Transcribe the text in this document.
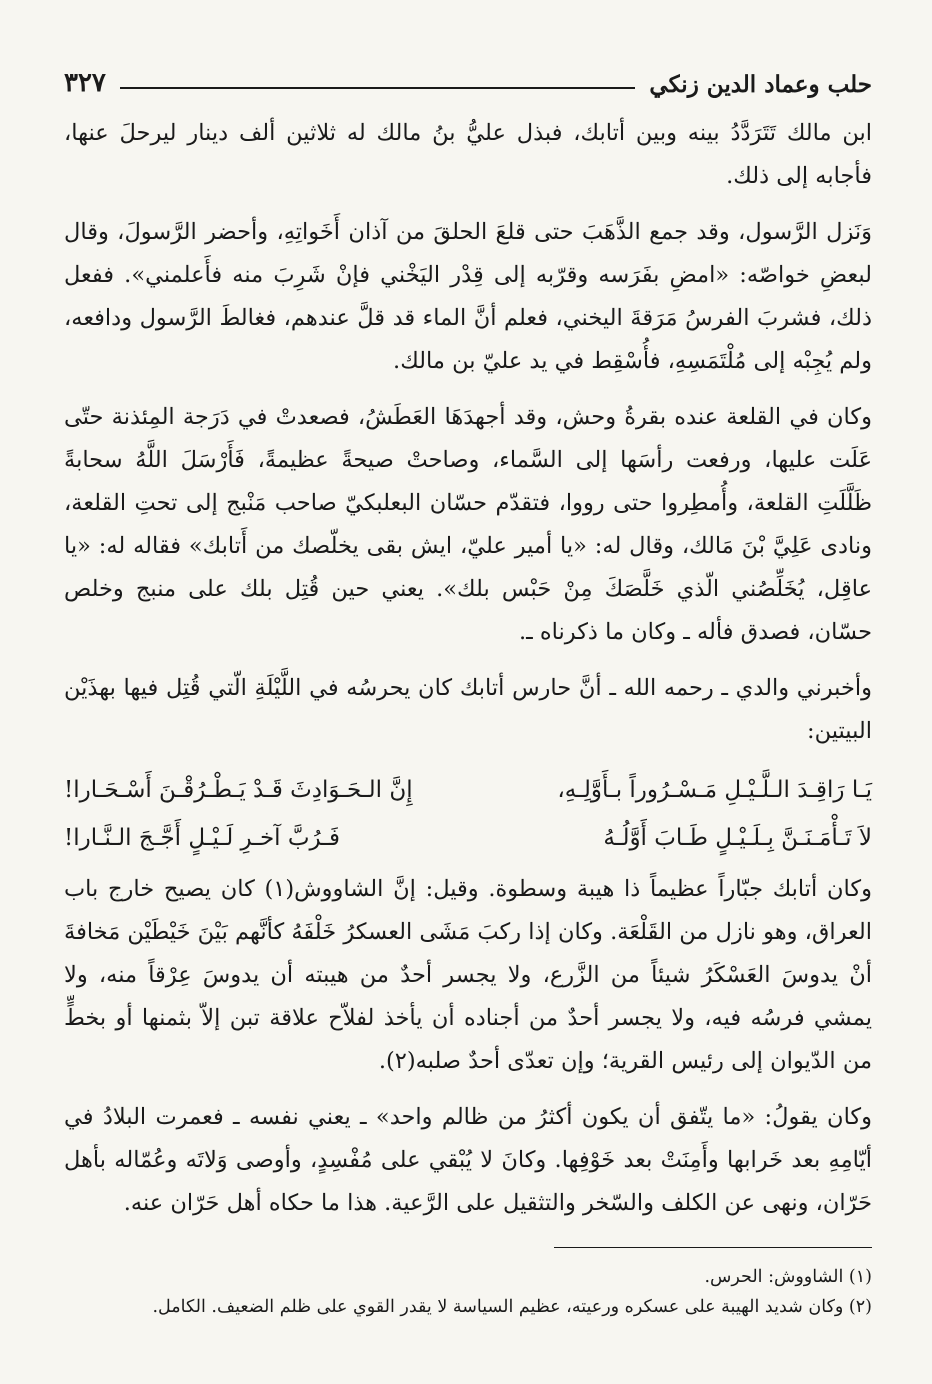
حلب وعماد الدين زنكي
٣٢٧

ابن مالك تَتَرَدَّدُ بينه وبين أتابك، فبذل عليُّ بنُ مالك له ثلاثين ألف دينار ليرحلَ عنها، فأجابه إلى ذلك.

وَنَزل الرَّسول، وقد جمع الذَّهَبَ حتى قلعَ الحلقَ من آذان أَخَواتِهِ، وأحضر الرَّسولَ، وقال لبعضِ خواصّه: «امضِ بفَرَسه وقرّبه إلى قِدْر اليَخْني فإنْ شَرِبَ منه فأَعلمني». ففعل ذلك، فشربَ الفرسُ مَرَقةَ اليخني، فعلم أنَّ الماء قد قلَّ عندهم، فغالطَ الرَّسول ودافعه، ولم يُجِبْه إلى مُلْتَمَسِهِ، فأُسْقِط في يد عليّ بن مالك.

وكان في القلعة عنده بقرةُ وحش، وقد أجهدَهَا العَطَشُ، فصعدتْ في دَرَجة المِئذنة حتّى عَلَت عليها، ورفعت رأسَها إلى السَّماء، وصاحتْ صيحةً عظيمةً، فَأَرْسَلَ اللَّهُ سحابةً ظَلَّلَتِ القلعة، وأُمطِروا حتى رووا، فتقدّم حسّان البعلبكيّ صاحب مَنْبج إلى تحتِ القلعة، ونادى عَلِيَّ بْنَ مَالك، وقال له: «يا أمير عليّ، ايش بقى يخلّصك من أَتابك» فقاله له: «يا عاقِل، يُخَلِّصُني الّذي خَلَّصَكَ مِنْ حَبْس بلك». يعني حين قُتِل بلك على منبج وخلص حسّان، فصدق فأله ـ وكان ما ذكرناه ـ.

وأخبرني والدي ـ رحمه الله ـ أنَّ حارس أتابك كان يحرسُه في اللَّيْلَةِ الّتي قُتِل فيها بهذَيْن البيتين:

يَـا رَاقِـدَ الـلَّـيْـلِ مَـسْـرُوراً بـأَوَّلِـهِ،
إِنَّ الـحَـوَادِثَ قَـدْ يَـطْـرُقْـنَ أَسْـحَـارا!
لاَ تَـأْمَـنَـنَّ بِـلَـيْـلٍ طَـابَ أَوَّلُـهُ
فَـرُبَّ آخـرِ لَـيْـلٍ أَجَّـجَ الـنَّـارا!

وكان أتابك جبّاراً عظيماً ذا هيبة وسطوة. وقيل: إنَّ الشاووش(١) كان يصيح خارج باب العراق، وهو نازل من القَلْعَة. وكان إذا ركبَ مَشَى العسكرُ خَلْفَهُ كأنَّهم بَيْنَ خَيْطَيْن مَخافةَ أنْ يدوسَ العَسْكَرُ شيئاً من الزَّرع، ولا يجسر أحدٌ من هيبته أن يدوسَ عِرْقاً منه، ولا يمشي فرسُه فيه، ولا يجسر أحدٌ من أجناده أن يأخذ لفلاّح علاقة تبن إلاّ بثمنها أو بخطٍّ من الدّيوان إلى رئيس القرية؛ وإن تعدّى أحدٌ صلبه(٢).

وكان يقولُ: «ما يتّفق أن يكون أكثرُ من ظالم واحد» ـ يعني نفسه ـ فعمرت البلادُ في أيّامِهِ بعد خَرابها وأَمِنَتْ بعد خَوْفِها. وكانَ لا يُبْقي على مُفْسِدٍ، وأوصى وَلاتَه وعُمّاله بأهل حَرّان، ونهى عن الكلف والسّخر والتثقيل على الرَّعية. هذا ما حكاه أهل حَرّان عنه.

(١) الشاووش: الحرس.

(٢) وكان شديد الهيبة على عسكره ورعيته، عظيم السياسة لا يقدر القوي على ظلم الضعيف. الكامل.
